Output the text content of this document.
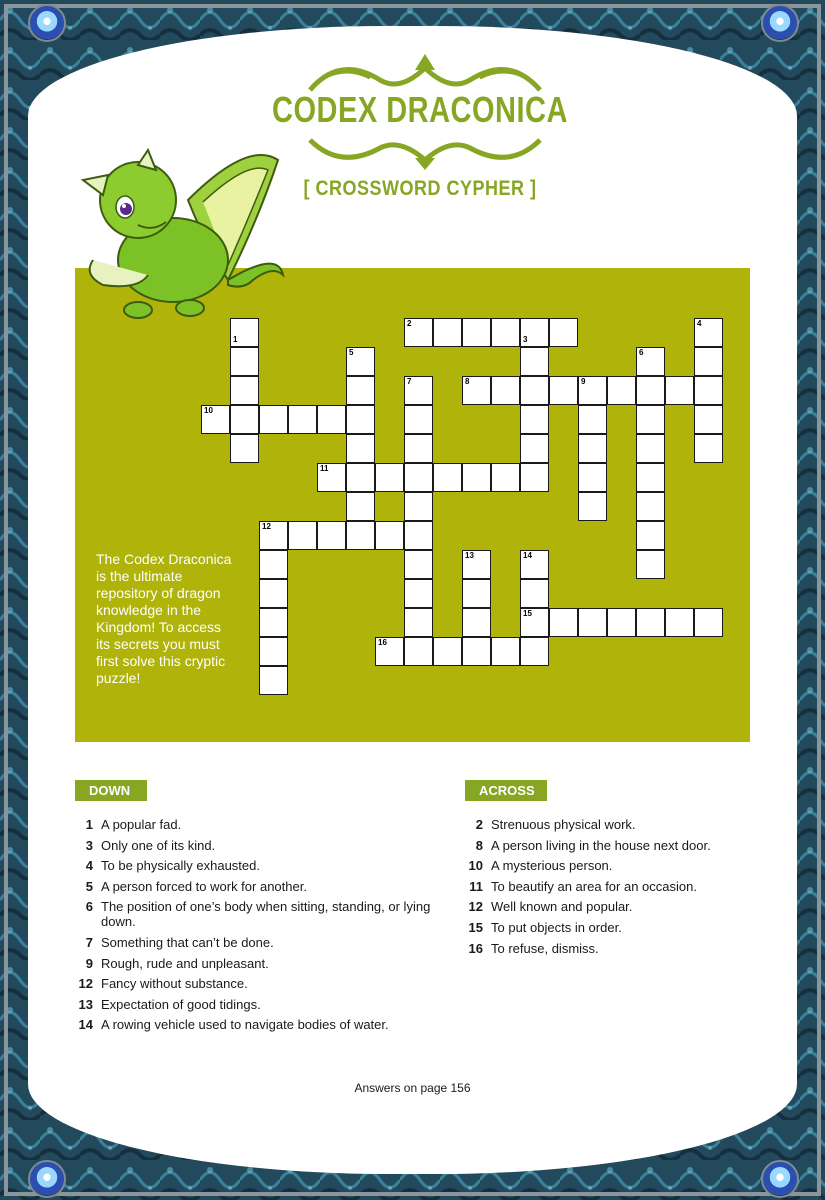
CODEX DRACONICA
[ CROSSWORD CYPHER ]
1
2
3
4
5	6
7	8	9
10
11
12
13	14
15
16
The Codex Draconica is the ultimate repository of dragon knowledge in the Kingdom! To access its secrets you must first solve this cryptic puzzle!
DOWN	ACROSS
1 A popular fad.
3 Only one of its kind.
4 To be physically exhausted.
5 A person forced to work for another.
6 The position of one’s body when sitting, standing, or lying down.
7 Something that can’t be done.
9 Rough, rude and unpleasant.
12 Fancy without substance.
13 Expectation of good tidings.
14 A rowing vehicle used to navigate bodies of water.
2 Strenuous physical work.
8 A person living in the house next door.
10 A mysterious person.
11 To beautify an area for an occasion.
12 Well known and popular.
15 To put objects in order.
16 To refuse, dismiss.
Answers on page 156
